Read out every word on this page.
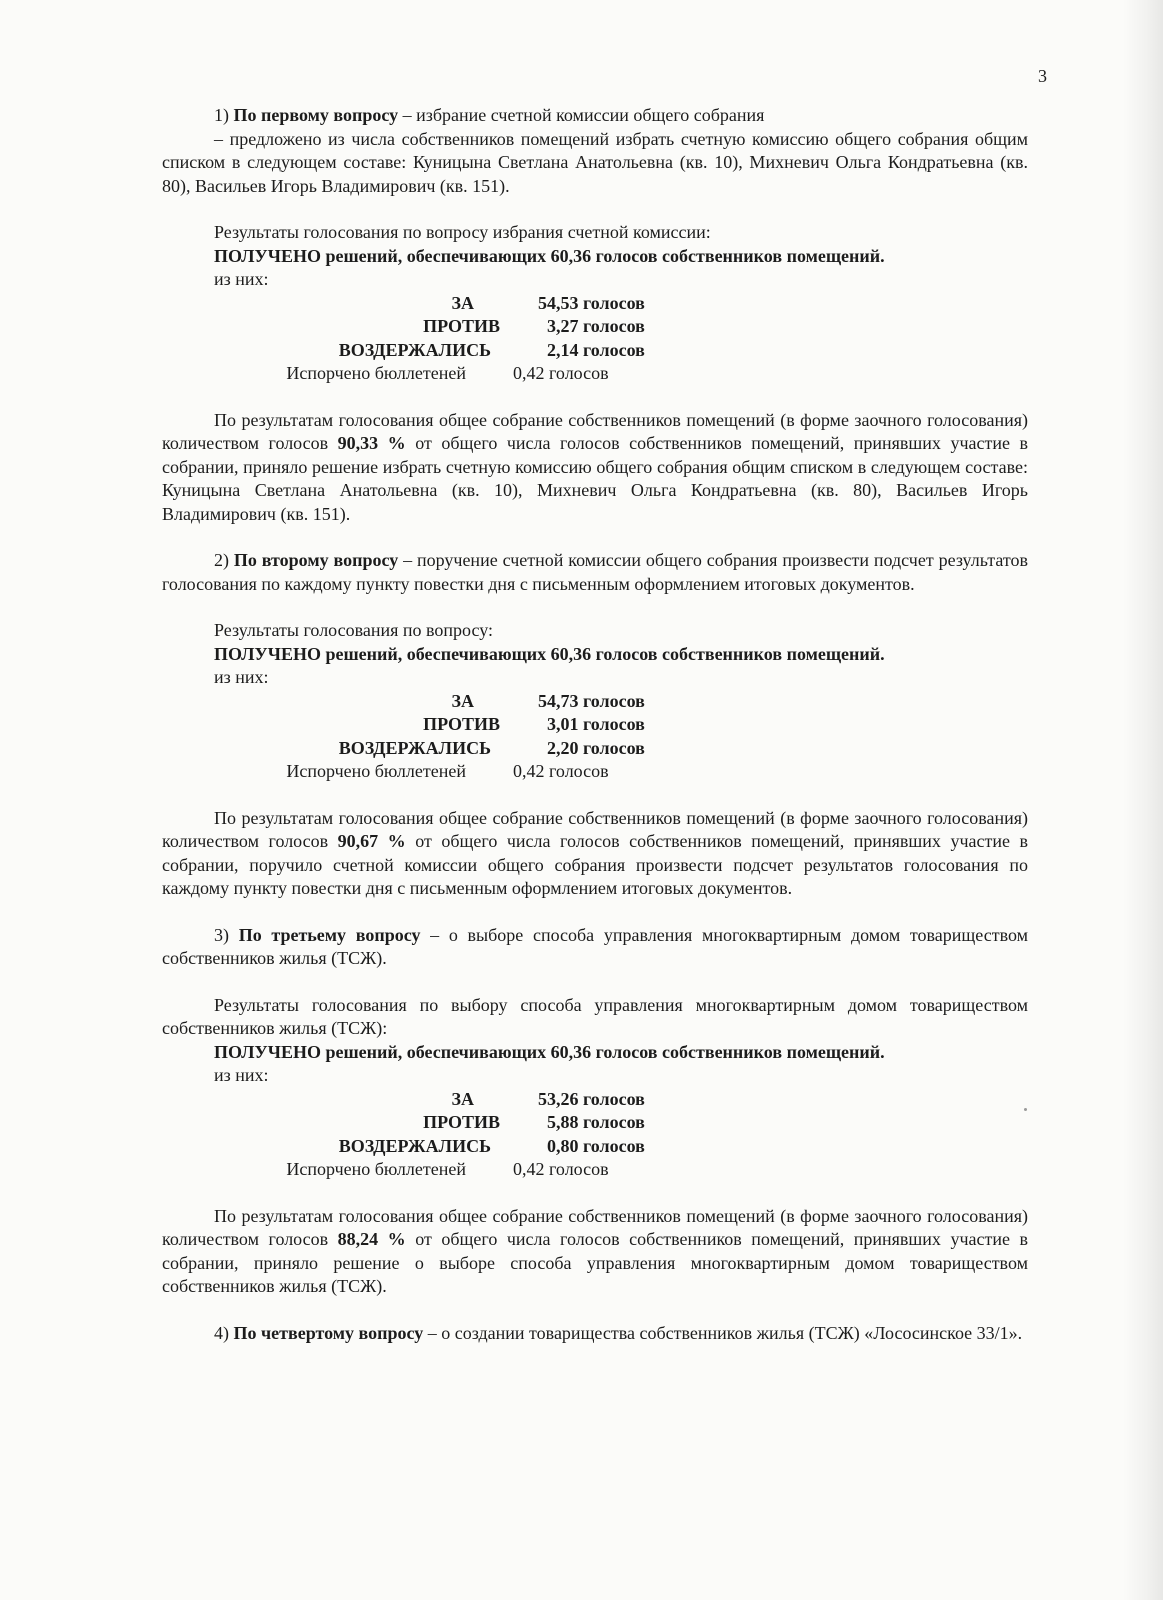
3

1) По первому вопросу – избрание счетной комиссии общего собрания

– предложено из числа собственников помещений избрать счетную комиссию общего собрания общим списком в следующем составе: Куницына Светлана Анатольевна (кв. 10), Михневич Ольга Кондратьевна (кв. 80), Васильев Игорь Владимирович (кв. 151).

Результаты голосования по вопросу избрания счетной комиссии:

ПОЛУЧЕНО решений, обеспечивающих 60,36 голосов собственников помещений.

из них:

ЗА	54,53 голосов
ПРОТИВ	3,27 голосов
ВОЗДЕРЖАЛИСЬ	2,14 голосов
Испорчено бюллетеней	0,42 голосов

По результатам голосования общее собрание собственников помещений (в форме заочного голосования) количеством голосов 90,33 % от общего числа голосов собственников помещений, принявших участие в собрании, приняло решение избрать счетную комиссию общего собрания общим списком в следующем составе: Куницына Светлана Анатольевна (кв. 10), Михневич Ольга Кондратьевна (кв. 80), Васильев Игорь Владимирович (кв. 151).

2) По второму вопросу – поручение счетной комиссии общего собрания произвести подсчет результатов голосования по каждому пункту повестки дня с письменным оформлением итоговых документов.

Результаты голосования по вопросу:

ПОЛУЧЕНО решений, обеспечивающих 60,36 голосов собственников помещений.

из них:

ЗА	54,73 голосов
ПРОТИВ	3,01 голосов
ВОЗДЕРЖАЛИСЬ	2,20 голосов
Испорчено бюллетеней	0,42 голосов

По результатам голосования общее собрание собственников помещений (в форме заочного голосования) количеством голосов 90,67 % от общего числа голосов собственников помещений, принявших участие в собрании, поручило счетной комиссии общего собрания произвести подсчет результатов голосования по каждому пункту повестки дня с письменным оформлением итоговых документов.

3) По третьему вопросу – о выборе способа управления многоквартирным домом товариществом собственников жилья (ТСЖ).

Результаты голосования по выбору способа управления многоквартирным домом товариществом собственников жилья (ТСЖ):

ПОЛУЧЕНО решений, обеспечивающих 60,36 голосов собственников помещений.

из них:

ЗА	53,26 голосов
ПРОТИВ	5,88 голосов
ВОЗДЕРЖАЛИСЬ	0,80 голосов
Испорчено бюллетеней	0,42 голосов

По результатам голосования общее собрание собственников помещений (в форме заочного голосования) количеством голосов 88,24 % от общего числа голосов собственников помещений, принявших участие в собрании, приняло решение о выборе способа управления многоквартирным домом товариществом собственников жилья (ТСЖ).

4) По четвертому вопросу – о создании товарищества собственников жилья (ТСЖ) «Лососинское 33/1».
